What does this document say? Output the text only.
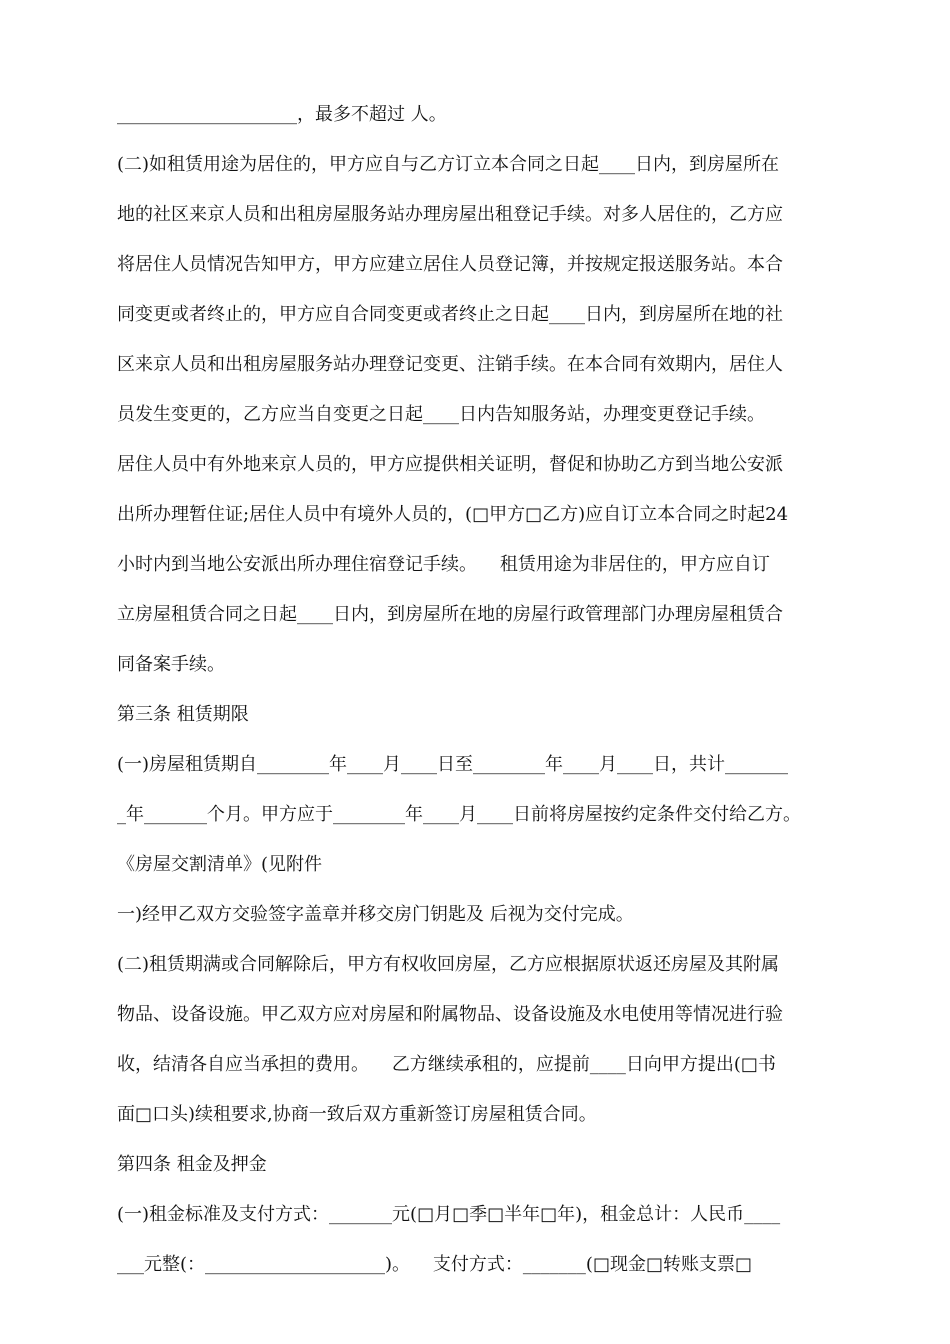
____________________，最多不超过 人。
(二)如租赁用途为居住的，甲方应自与乙方订立本合同之日起____日内，到房屋所在
地的社区来京人员和出租房屋服务站办理房屋出租登记手续。对多人居住的，乙方应
将居住人员情况告知甲方，甲方应建立居住人员登记簿，并按规定报送服务站。本合
同变更或者终止的，甲方应自合同变更或者终止之日起____日内，到房屋所在地的社
区来京人员和出租房屋服务站办理登记变更、注销手续。在本合同有效期内，居住人
员发生变更的，乙方应当自变更之日起____日内告知服务站，办理变更登记手续。
居住人员中有外地来京人员的，甲方应提供相关证明，督促和协助乙方到当地公安派
出所办理暂住证;居住人员中有境外人员的，(□甲方□乙方)应自订立本合同之时起24
小时内到当地公安派出所办理住宿登记手续。    租赁用途为非居住的，甲方应自订
立房屋租赁合同之日起____日内，到房屋所在地的房屋行政管理部门办理房屋租赁合
同备案手续。
第三条 租赁期限
(一)房屋租赁期自________年____月____日至________年____月____日，共计_______
_年_______个月。甲方应于________年____月____日前将房屋按约定条件交付给乙方。
《房屋交割清单》(见附件
一)经甲乙双方交验签字盖章并移交房门钥匙及 后视为交付完成。
(二)租赁期满或合同解除后，甲方有权收回房屋，乙方应根据原状返还房屋及其附属
物品、设备设施。甲乙双方应对房屋和附属物品、设备设施及水电使用等情况进行验
收，结清各自应当承担的费用。    乙方继续承租的，应提前____日向甲方提出(□书
面□口头)续租要求,协商一致后双方重新签订房屋租赁合同。
第四条 租金及押金
(一)租金标准及支付方式：_______元(□月□季□半年□年)，租金总计：人民币____
___元整(：____________________)。    支付方式：_______(□现金□转账支票□
